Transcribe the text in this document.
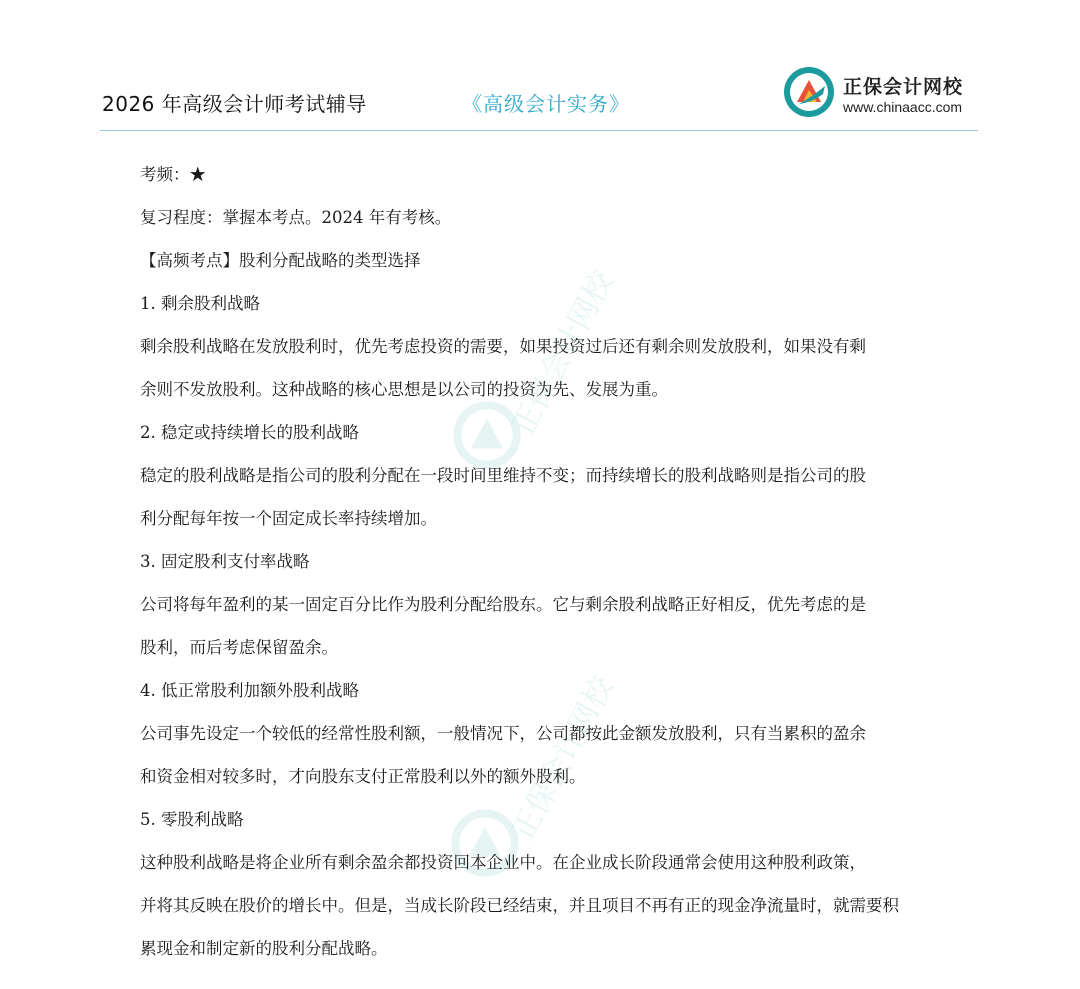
2026 年高级会计师考试辅导	《高级会计实务》
正保会计网校
www.chinaacc.com
正保会计网校
正保会计网校
考频：★
复习程度：掌握本考点。2024 年有考核。
【高频考点】股利分配战略的类型选择
1. 剩余股利战略
剩余股利战略在发放股利时，优先考虑投资的需要，如果投资过后还有剩余则发放股利，如果没有剩
余则不发放股利。这种战略的核心思想是以公司的投资为先、发展为重。
2. 稳定或持续增长的股利战略
稳定的股利战略是指公司的股利分配在一段时间里维持不变；而持续增长的股利战略则是指公司的股
利分配每年按一个固定成长率持续增加。
3. 固定股利支付率战略
公司将每年盈利的某一固定百分比作为股利分配给股东。它与剩余股利战略正好相反，优先考虑的是
股利，而后考虑保留盈余。
4. 低正常股利加额外股利战略
公司事先设定一个较低的经常性股利额，一般情况下，公司都按此金额发放股利，只有当累积的盈余
和资金相对较多时，才向股东支付正常股利以外的额外股利。
5. 零股利战略
这种股利战略是将企业所有剩余盈余都投资回本企业中。在企业成长阶段通常会使用这种股利政策，
并将其反映在股价的增长中。但是，当成长阶段已经结束，并且项目不再有正的现金净流量时，就需要积
累现金和制定新的股利分配战略。
